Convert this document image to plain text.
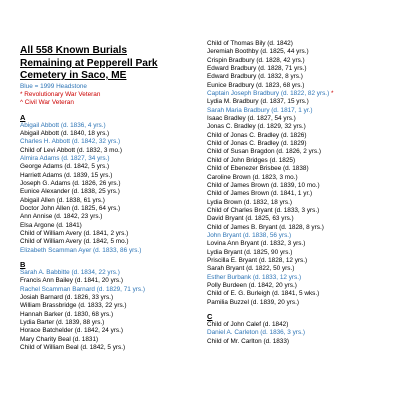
All 558 Known Burials
Remaining at Pepperell Park
Cemetery in Saco, ME
Blue = 1999 Headstone
* Revolutionary War Veteran
^ Civil War Veteran
A
Abigail Abbott (d. 1836, 4 yrs.)
Abigail Abbott (d. 1840, 18 yrs.)
Charles H. Abbott (d. 1842, 32 yrs.)
Child of Levi Abbott (d. 1832, 3 mo.)
Almira Adams (d. 1827, 34 yrs.)
George Adams (d. 1842, 5 yrs.)
Harriett Adams (d. 1839, 15 yrs.)
Joseph G. Adams (d. 1826, 26 yrs.)
Eunice Alexander (d. 1838, 25 yrs.)
Abigail Allen (d. 1838, 61 yrs.)
Doctor John Allen (d. 1825, 64 yrs.)
Ann Annise (d. 1842, 23 yrs.)
Elsa Argone (d. 1841)
Child of William Avery (d. 1841, 2 yrs.)
Child of William Avery (d. 1842, 5 mo.)
Elizabeth Scamman Ayer (d. 1833, 86 yrs.)
B
Sarah A. Babbitte (d. 1834, 22 yrs.)
Francis Ann Bailey (d. 1841, 20 yrs.)
Rachel Scamman Barnard (d. 1829, 71 yrs.)
Josiah Barnard (d. 1826, 33 yrs.)
William Brassbridge (d. 1833, 22 yrs.)
Hannah Barker (d. 1830, 68 yrs.)
Lydia Barter (d. 1839, 88 yrs.)
Horace Batchelder (d. 1842, 24 yrs.)
Mary Charity Beal (d. 1831)
Child of William Beal (d. 1842, 5 yrs.)
Child of Thomas Bily (d. 1842)
Jeremiah Boothby (d. 1825, 44 yrs.)
Crispin Bradbury (d. 1828, 42 yrs.)
Edward Bradbury (d. 1828, 71 yrs.)
Edward Bradbury (d. 1832, 8 yrs.)
Eunice Bradbury (d. 1823, 68 yrs.)
Captain Joseph Bradbury (d. 1822, 82 yrs.) *
Lydia M. Bradbury (d. 1837, 15 yrs.)
Sarah Maria Bradbury (d. 1817, 1 yr.)
Isaac Bradley (d. 1827, 54 yrs.)
Jonas C. Bradley (d. 1829, 32 yrs.)
Child of Jonas C. Bradley (d. 1826)
Child of Jonas C. Bradley (d. 1829)
Child of Susan Bragdon (d. 1826, 2 yrs.)
Child of John Bridges (d. 1825)
Child of Ebenezer Brisbee (d. 1838)
Caroline Brown (d. 1823, 3 mo.)
Child of James Brown (d. 1839, 10 mo.)
Child of James Brown (d. 1841, 1 yr.)
Lydia Brown (d. 1832, 18 yrs.)
Child of Charles Bryant (d. 1833, 3 yrs.)
David Bryant (d. 1825, 63 yrs.)
Child of James B. Bryant (d. 1828, 8 yrs.)
John Bryant (d. 1838, 56 yrs.)
Lovina Ann Bryant (d. 1832, 3 yrs.)
Lydia Bryant (d. 1825, 90 yrs.)
Priscilla E. Bryant (d. 1828, 12 yrs.)
Sarah Bryant (d. 1822, 50 yrs.)
Esther Burbank (d. 1833, 12 yrs.)
Polly Burdeen (d. 1842, 20 yrs.)
Child of E. G. Burleigh (d. 1841, 5 wks.)
Pamilia Buzzel (d. 1839, 20 yrs.)
C
Child of John Calef (d. 1842)
Daniel A. Carleton (d. 1836, 3 yrs.)
Child of Mr. Carlton (d. 1833)
